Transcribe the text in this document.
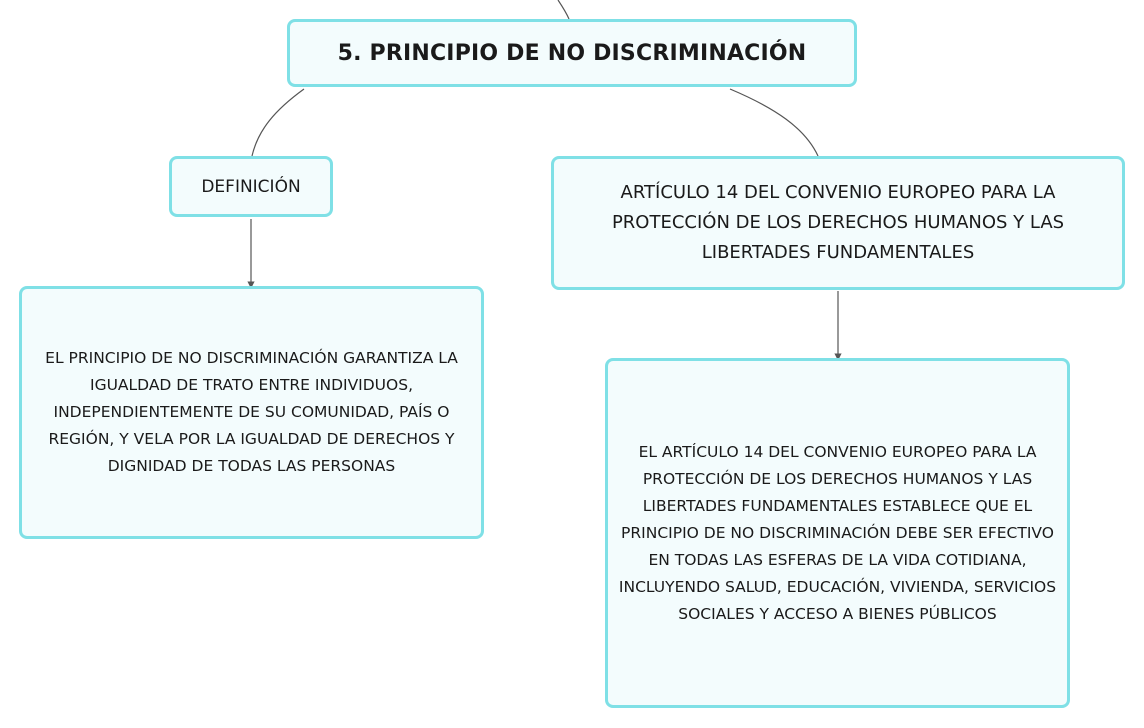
5. PRINCIPIO DE NO DISCRIMINACIÓN
DEFINICIÓN	ARTÍCULO 14 DEL CONVENIO EUROPEO PARA LA PROTECCIÓN DE LOS DERECHOS HUMANOS Y LAS LIBERTADES FUNDAMENTALES
EL PRINCIPIO DE NO DISCRIMINACIÓN GARANTIZA LA IGUALDAD DE TRATO ENTRE INDIVIDUOS, INDEPENDIENTEMENTE DE SU COMUNIDAD, PAÍS O REGIÓN, Y VELA POR LA IGUALDAD DE DERECHOS Y DIGNIDAD DE TODAS LAS PERSONAS
EL ARTÍCULO 14 DEL CONVENIO EUROPEO PARA LA PROTECCIÓN DE LOS DERECHOS HUMANOS Y LAS LIBERTADES FUNDAMENTALES ESTABLECE QUE EL PRINCIPIO DE NO DISCRIMINACIÓN DEBE SER EFECTIVO EN TODAS LAS ESFERAS DE LA VIDA COTIDIANA, INCLUYENDO SALUD, EDUCACIÓN, VIVIENDA, SERVICIOS SOCIALES Y ACCESO A BIENES PÚBLICOS
